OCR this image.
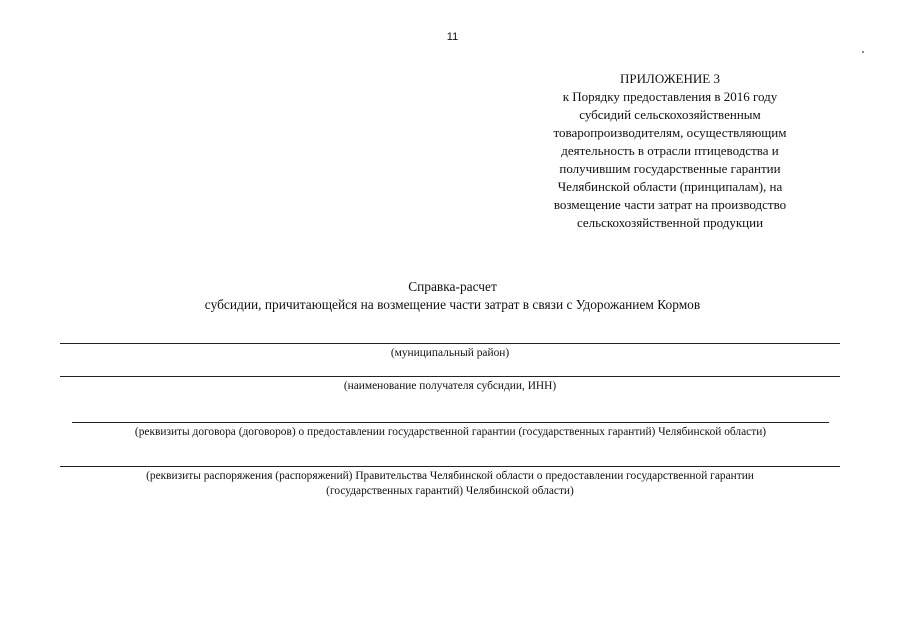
11
ПРИЛОЖЕНИЕ 3
к Порядку предоставления в 2016 году
субсидий сельскохозяйственным
товаропроизводителям, осуществляющим
деятельность в отрасли птицеводства и
получившим государственные гарантии
Челябинской области (принципалам), на
возмещение части затрат на производство
сельскохозяйственной продукции
Справка-расчет
субсидии, причитающейся на возмещение части затрат в связи с Удорожанием Кормов
(муниципальный район)
(наименование получателя субсидии, ИНН)
(реквизиты договора (договоров) о предоставлении государственной гарантии (государственных гарантий) Челябинской области)
(реквизиты распоряжения (распоряжений) Правительства Челябинской области о предоставлении государственной гарантии
(государственных гарантий) Челябинской области)
